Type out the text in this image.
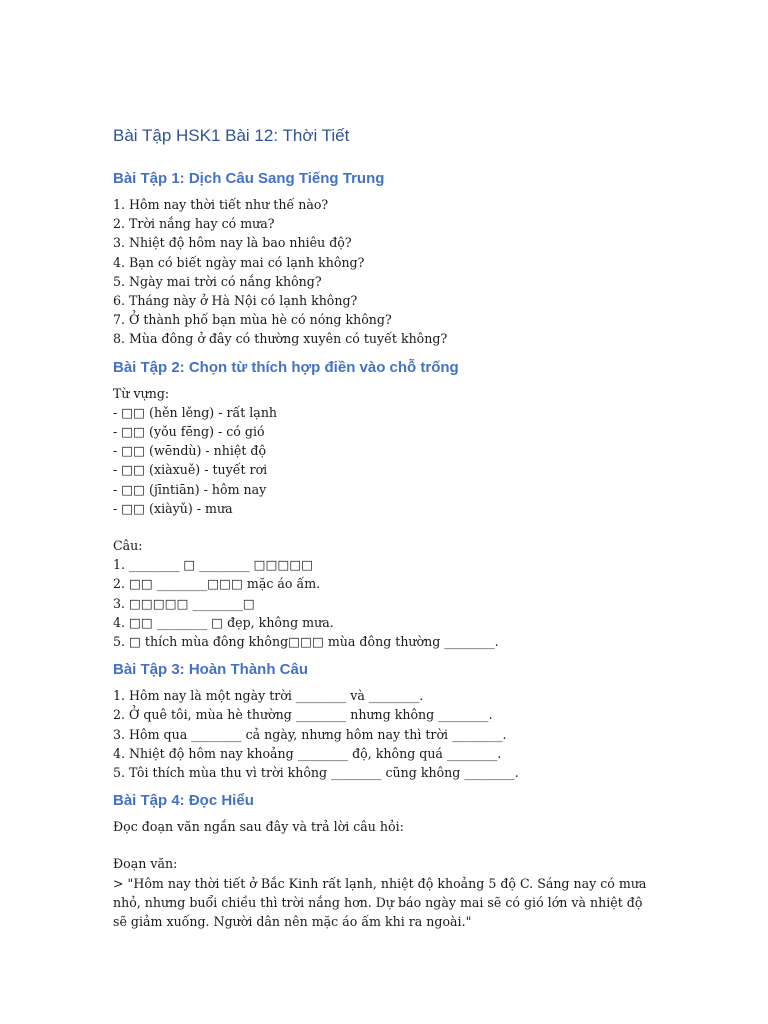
Bài Tập HSK1 Bài 12: Thời Tiết
Bài Tập 1: Dịch Câu Sang Tiếng Trung
1. Hôm nay thời tiết như thế nào?
2. Trời nắng hay có mưa?
3. Nhiệt độ hôm nay là bao nhiêu độ?
4. Bạn có biết ngày mai có lạnh không?
5. Ngày mai trời có nắng không?
6. Tháng này ở Hà Nội có lạnh không?
7. Ở thành phố bạn mùa hè có nóng không?
8. Mùa đông ở đây có thường xuyên có tuyết không?
Bài Tập 2: Chọn từ thích hợp điền vào chỗ trống
Từ vựng:
- □□ (hěn lěng) - rất lạnh
- □□ (yǒu fēng) - có gió
- □□ (wēndù) - nhiệt độ
- □□ (xiàxuě) - tuyết rơi
- □□ (jīntiān) - hôm nay
- □□ (xiàyǔ) - mưa
Câu:
1. ________ □ ________ □□□□□
2. □□ ________□□□ mặc áo ấm.
3. □□□□□ ________□
4. □□ ________ □ đẹp, không mưa.
5. □ thích mùa đông không□□□ mùa đông thường ________.
Bài Tập 3: Hoàn Thành Câu
1. Hôm nay là một ngày trời ________ và ________.
2. Ở quê tôi, mùa hè thường ________ nhưng không ________.
3. Hôm qua ________ cả ngày, nhưng hôm nay thì trời ________.
4. Nhiệt độ hôm nay khoảng ________ độ, không quá ________.
5. Tôi thích mùa thu vì trời không ________ cũng không ________.
Bài Tập 4: Đọc Hiểu
Đọc đoạn văn ngắn sau đây và trả lời câu hỏi:
Đoạn văn:
> "Hôm nay thời tiết ở Bắc Kinh rất lạnh, nhiệt độ khoảng 5 độ C. Sáng nay có mưa nhỏ, nhưng buổi chiều thì trời nắng hơn. Dự báo ngày mai sẽ có gió lớn và nhiệt độ sẽ giảm xuống. Người dân nên mặc áo ấm khi ra ngoài."
